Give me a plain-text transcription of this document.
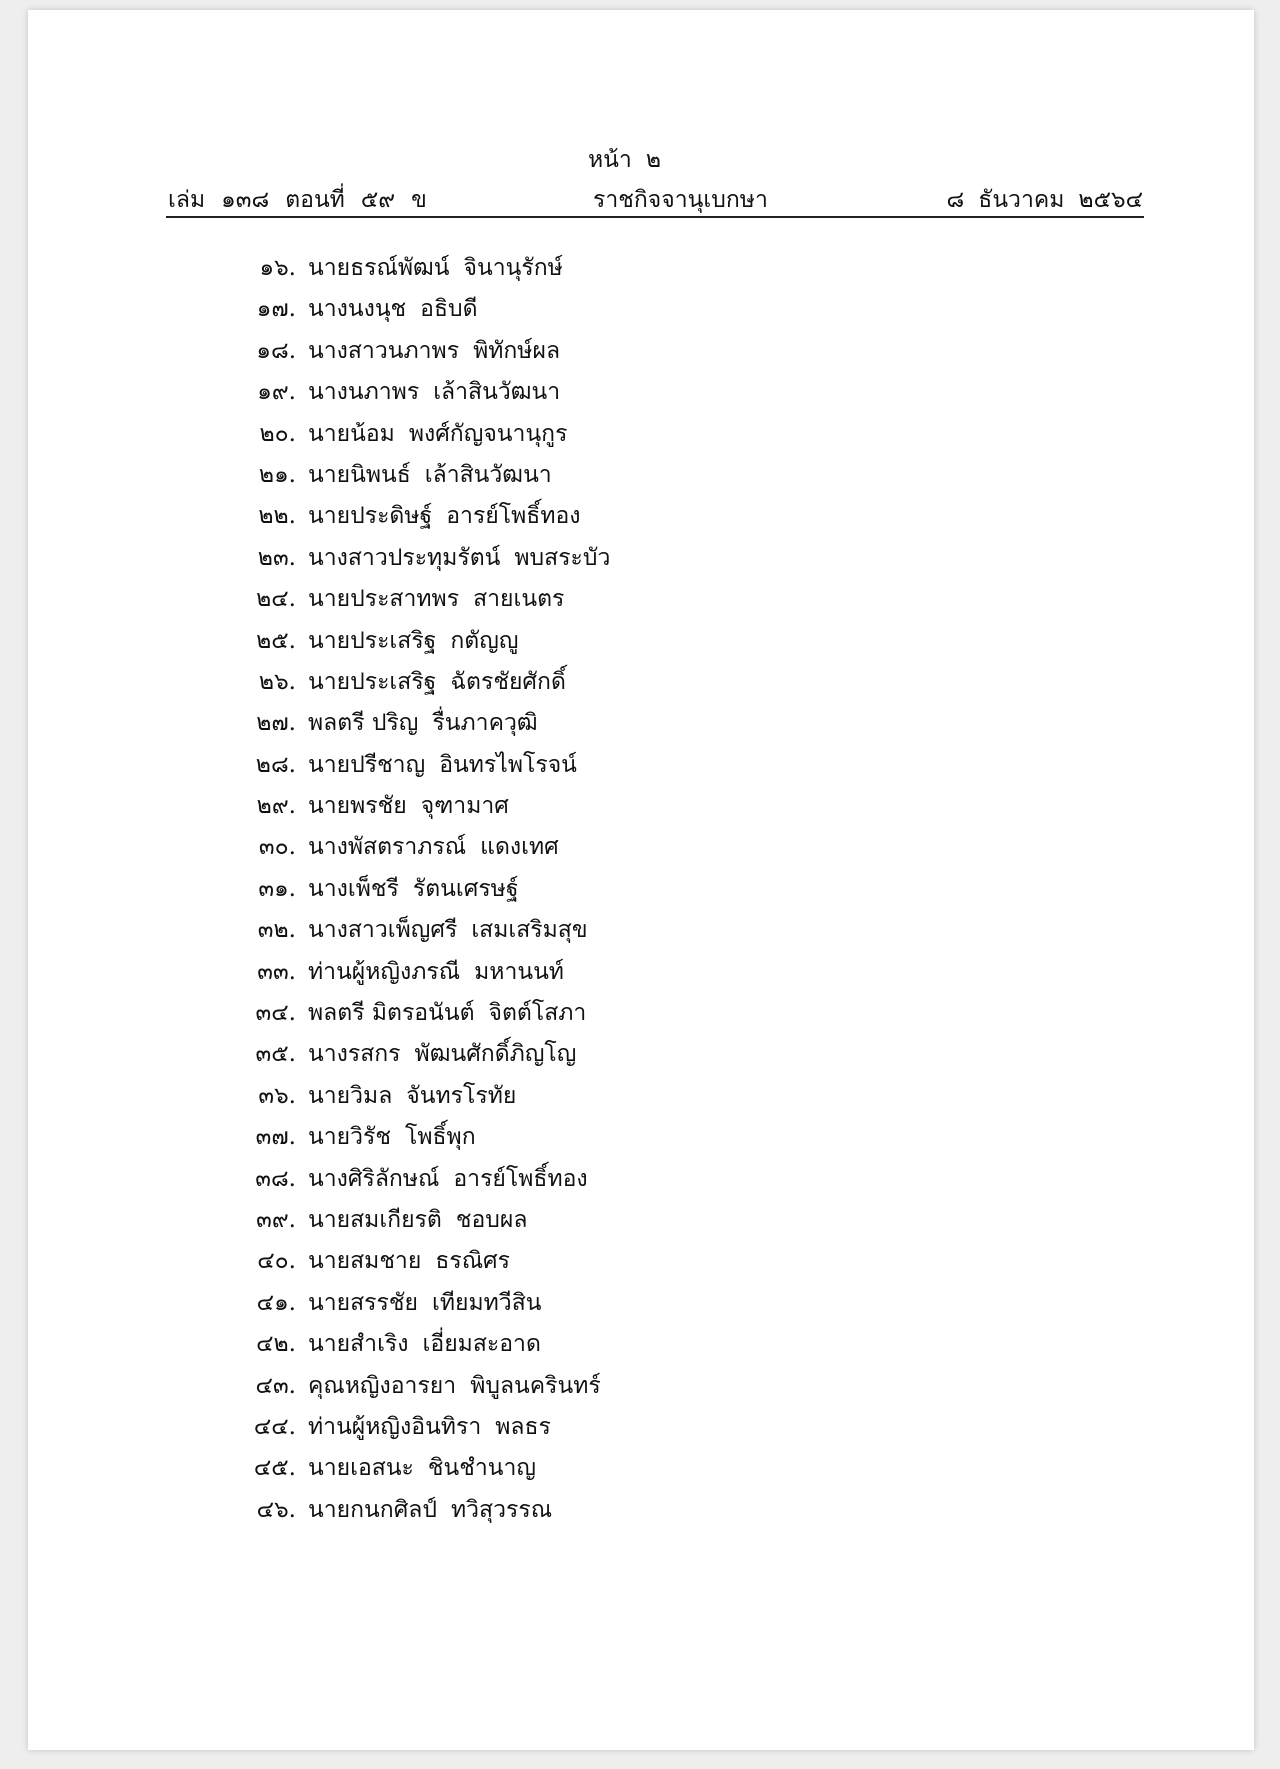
หน้า ๒
เล่ม ๑๓๘ ตอนที่ ๕๙ ข	ราชกิจจานุเบกษา	๘ ธันวาคม ๒๕๖๔
๑๖. นายธรณ์พัฒน์ จินานุรักษ์
๑๗. นางนงนุช อธิบดี
๑๘. นางสาวนภาพร พิทักษ์ผล
๑๙. นางนภาพร เล้าสินวัฒนา
๒๐. นายน้อม พงศ์กัญจนานุกูร
๒๑. นายนิพนธ์ เล้าสินวัฒนา
๒๒. นายประดิษฐ์ อารย์โพธิ์ทอง
๒๓. นางสาวประทุมรัตน์ พบสระบัว
๒๔. นายประสาทพร สายเนตร
๒๕. นายประเสริฐ กตัญญู
๒๖. นายประเสริฐ ฉัตรชัยศักดิ์
๒๗. พลตรี ปริญ รื่นภาควุฒิ
๒๘. นายปรีชาญ อินทรไพโรจน์
๒๙. นายพรชัย จุฑามาศ
๓๐. นางพัสตราภรณ์ แดงเทศ
๓๑. นางเพ็ชรี รัตนเศรษฐ์
๓๒. นางสาวเพ็ญศรี เสมเสริมสุข
๓๓. ท่านผู้หญิงภรณี มหานนท์
๓๔. พลตรี มิตรอนันต์ จิตต์โสภา
๓๕. นางรสกร พัฒนศักดิ์ภิญโญ
๓๖. นายวิมล จันทรโรทัย
๓๗. นายวิรัช โพธิ์พุก
๓๘. นางศิริลักษณ์ อารย์โพธิ์ทอง
๓๙. นายสมเกียรติ ชอบผล
๔๐. นายสมชาย ธรณิศร
๔๑. นายสรรชัย เทียมทวีสิน
๔๒. นายสำเริง เอี่ยมสะอาด
๔๓. คุณหญิงอารยา พิบูลนครินทร์
๔๔. ท่านผู้หญิงอินทิรา พลธร
๔๕. นายเอสนะ ชินชำนาญ
๔๖. นายกนกศิลป์ ทวิสุวรรณ
